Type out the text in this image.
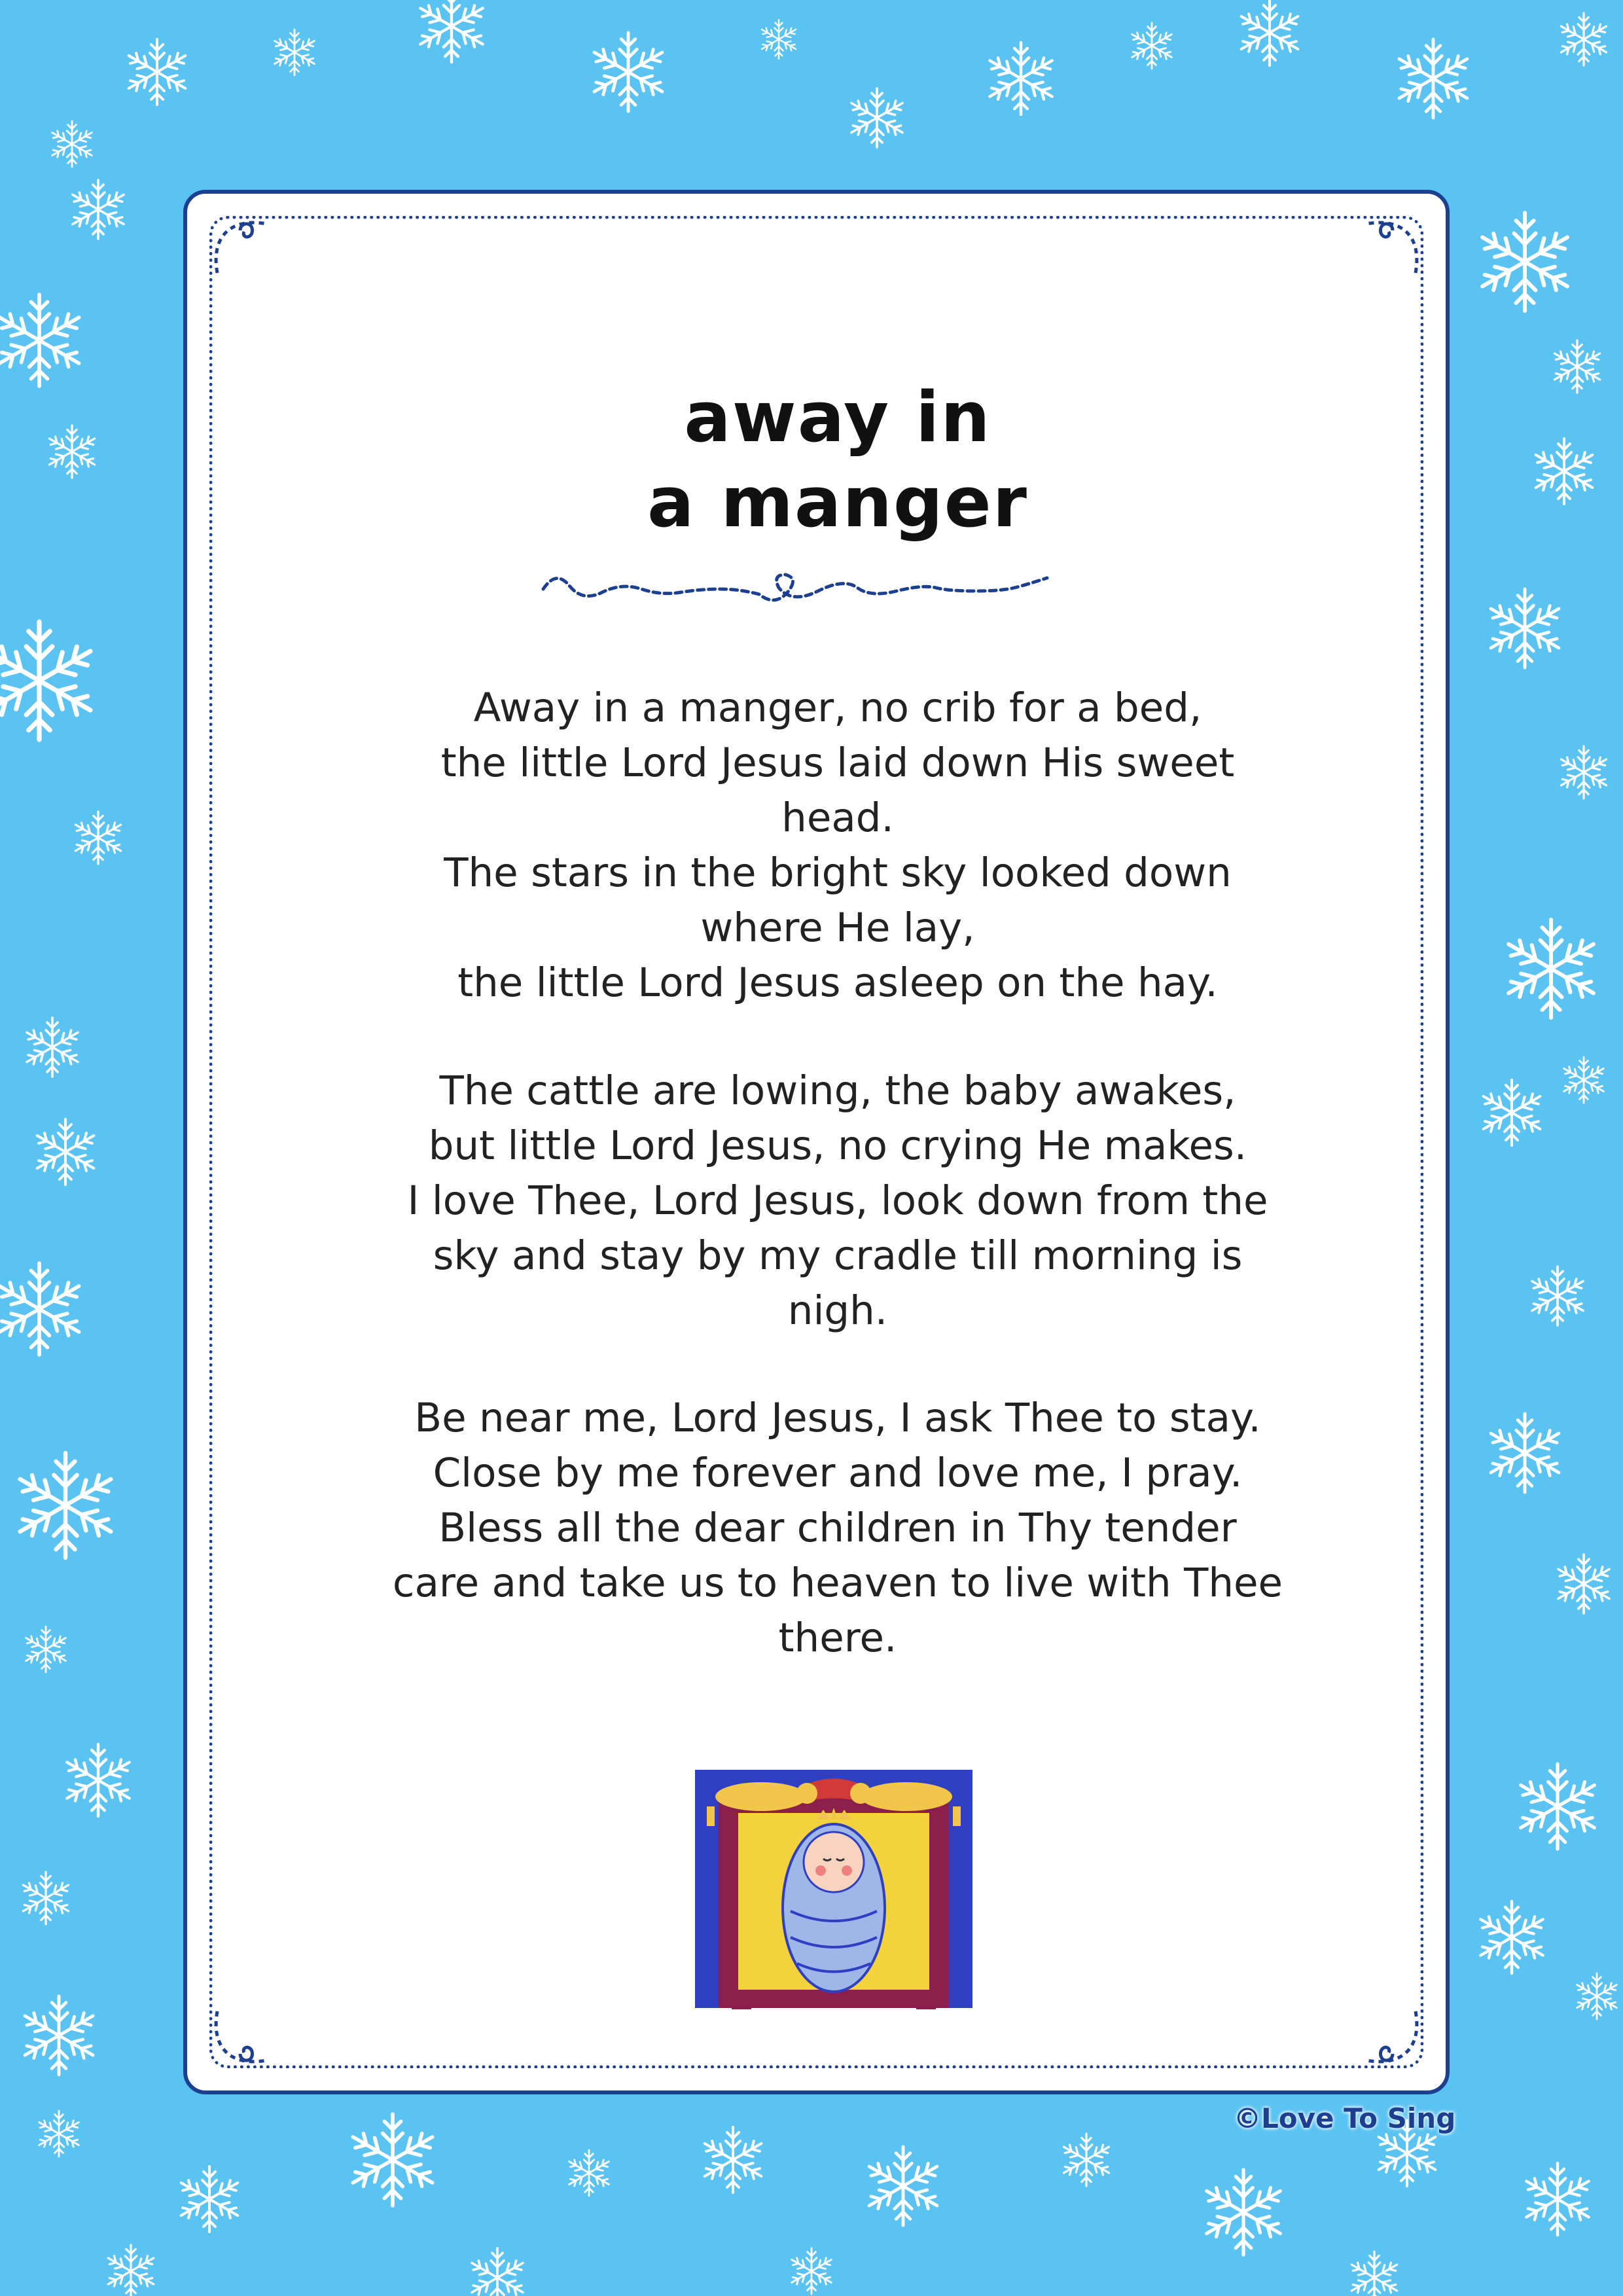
away in
a manger
Away in a manger, no crib for a bed,
the little Lord Jesus laid down His sweet
head.
The stars in the bright sky looked down
where He lay,
the little Lord Jesus asleep on the hay.
The cattle are lowing, the baby awakes,
but little Lord Jesus, no crying He makes.
I love Thee, Lord Jesus, look down from the
sky and stay by my cradle till morning is
nigh.
Be near me, Lord Jesus, I ask Thee to stay.
Close by me forever and love me, I pray.
Bless all the dear children in Thy tender
care and take us to heaven to live with Thee
there.
©Love To Sing
